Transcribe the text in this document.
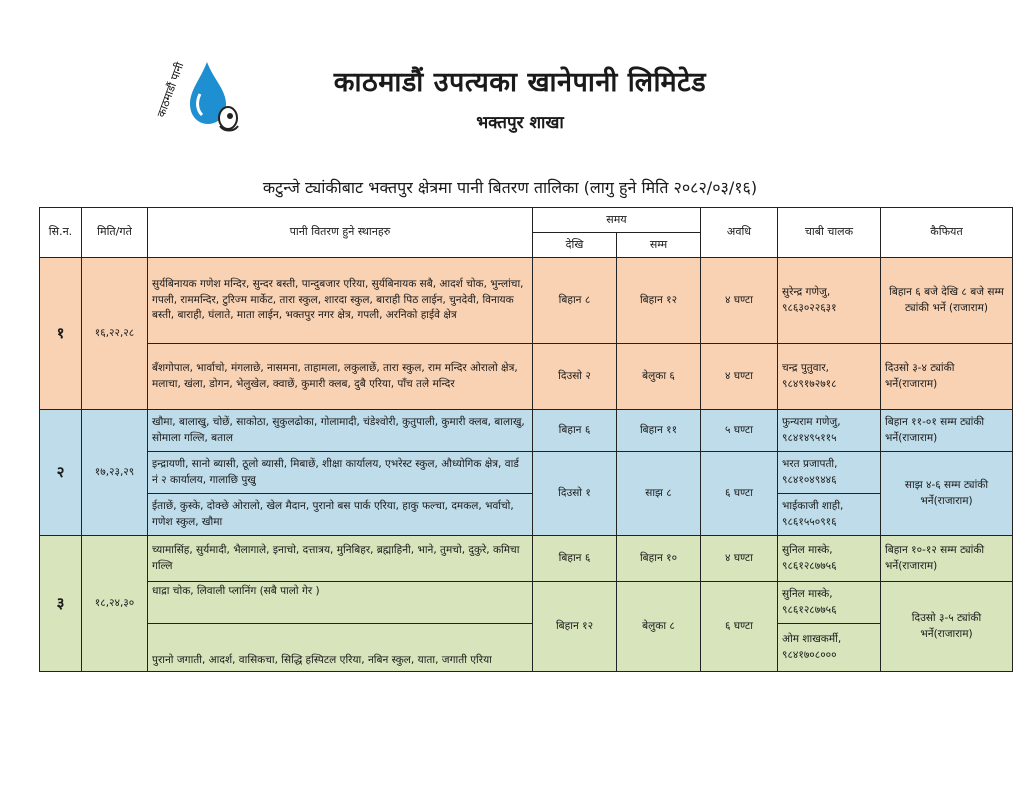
काठमाडौं पानी	काठमाडौं उपत्यका खानेपानी लिमिटेड
भक्तपुर शाखा
कटुन्जे ट्यांकीबाट भक्तपुर क्षेत्रमा पानी बितरण तालिका (लागु हुने मिति २०८२/०३/१६)
सि.न.	मिति/गते	पानी वितरण हुने स्थानहरु	समय		अवधि	चाबी चालक	कैफियत
			देखि	सम्म			
१	१६,२२,२८	सुर्यबिनायक गणेश मन्दिर, सुन्दर बस्ती, पान्दुबजार एरिया, सुर्यबिनायक सबै, आदर्श चोक, भुन्लांचा, गपली, राममन्दिर, टुरिज्म मार्केट, तारा स्कुल, शारदा स्कुल, बाराही पिठ लाईन, चुनदेवी, विनायक बस्ती, बाराही, घंलाते, माता लाईन, भक्तपुर नगर क्षेत्र, गपली, अरनिको हाईवे क्षेत्र	बिहान ८	बिहान १२	४ घण्टा	सुरेन्द्र गणेजु, ९८६३०२२६३१	बिहान ६ बजे देखि ८ बजे सम्म ट्यांकी भर्ने (राजाराम)
		बँशगोपाल, भार्वाचो, मंगलाछे, नासमना, ताहामला, लकुलाछें, तारा स्कुल, राम मन्दिर ओरालो क्षेत्र, मलाचा, खंला, डोगन, भेलुखेल, क्वाछें, कुमारी क्लब, दुबै एरिया, पाँच तले मन्दिर	दिउसो २	बेलुका ६	४ घण्टा	चन्द्र पुतुवार, ९८४९१७२७१८	दिउसो ३-४ ट्यांकी भर्ने(राजाराम)
२	१७,२३,२९	खौमा, बालाखु, चोछें, साकोठा, सुकुलढोका, गोलामादी, चंडेश्वोरी, कुतुपाली, कुमारी क्लब, बालाखु, सोमाला गल्लि, बताल	बिहान ६	बिहान ११	५ घण्टा	फुन्यराम गणेजु, ९८४१४९५११५	बिहान ११-०१ सम्म ट्यांकी भर्ने(राजाराम)
		इन्द्रायणी, सानो ब्यासी, ठूलो ब्यासी, मिबाछें, शीक्षा कार्यालय, एभरेस्ट स्कुल, औध्योगिक क्षेत्र, वार्ड नं २ कार्यालय, गालाछि पुखु	दिउसो १	साझ ८	६ घण्टा	भरत प्रजापती, ९८४१०४९४४६	साझ ४-६ सम्म ट्यांकी भर्ने(राजाराम)
		ईताछें, कुस्के, दोक्छे ओरालो, खेल मैदान, पुरानो बस पार्क एरिया, हाकु फल्चा, दमकल, भर्वाचो, गणेश स्कुल, खौमा				भाईकाजी शाही, ९८६१५५०९१६	
३	१८,२४,३०	च्यामासिंह, सुर्यमादी, भैलागाले, इनाचो, दत्तात्रय, मुनिबिहर, ब्रह्माहिनी, भाने, तुमचो, दुकुरे, कमिचा गल्लि	बिहान ६	बिहान १०	४ घण्टा	सुनिल मास्के, ९८६१२८७७५६	बिहान १०-१२ सम्म ट्यांकी भर्ने(राजाराम)
		धाद्रा चोक, लिवाली प्लानिंग (सबै पालो गेर )	बिहान १२	बेलुका ८	६ घण्टा	सुनिल मास्के, ९८६१२८७७५६	दिउसो ३-५ ट्यांकी भर्ने(राजाराम)
		पुरानो जगाती, आदर्श, वासिकचा, सिद्धि हस्पिटल एरिया, नबिन स्कुल, याता, जगाती एरिया				ओम शाखकर्मी, ९८४१७०८०००	
